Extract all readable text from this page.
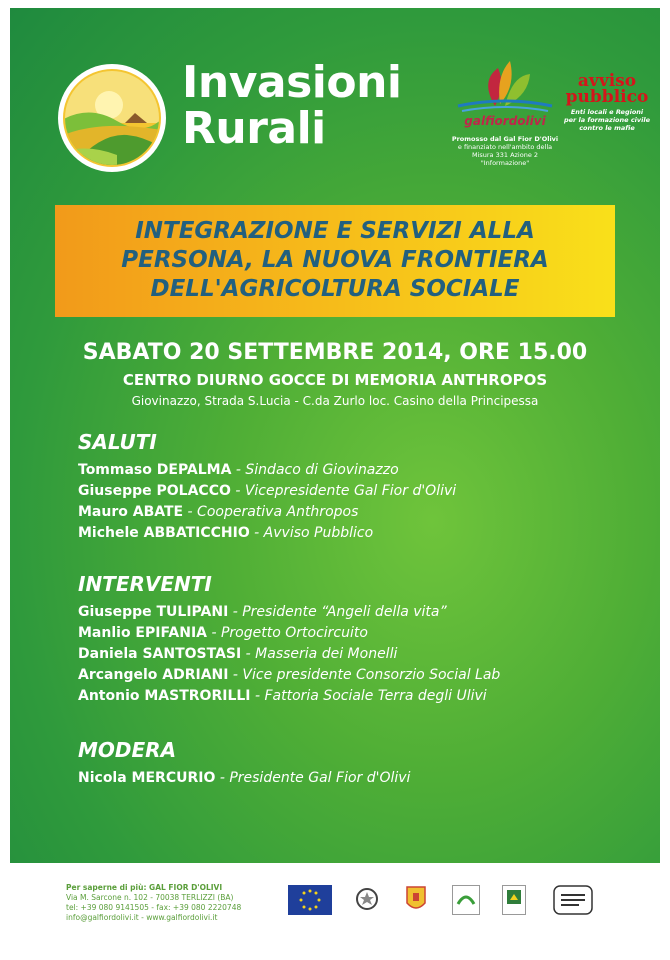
Invasioni
Rurali	galfiordolivi
Promosso dal Gal Fior D'Olivi
e finanziato nell'ambito della
Misura 331 Azione 2 "Informazione"
avviso
pubblico
Enti locali e Regioni
per la formazione civile
contro le mafie
INTEGRAZIONE E SERVIZI ALLA
PERSONA, LA NUOVA FRONTIERA
DELL'AGRICOLTURA SOCIALE
SABATO 20 SETTEMBRE 2014, ORE 15.00
CENTRO DIURNO GOCCE DI MEMORIA ANTHROPOS
Giovinazzo, Strada S.Lucia - C.da Zurlo loc. Casino della Principessa
SALUTI
Tommaso DEPALMA - Sindaco di Giovinazzo
Giuseppe POLACCO - Vicepresidente Gal Fior d'Olivi
Mauro ABATE - Cooperativa Anthropos
Michele ABBATICCHIO - Avviso Pubblico
INTERVENTI
Giuseppe TULIPANI - Presidente “Angeli della vita”
Manlio EPIFANIA - Progetto Ortocircuito
Daniela SANTOSTASI - Masseria dei Monelli
Arcangelo ADRIANI - Vice presidente Consorzio Social Lab
Antonio MASTRORILLI - Fattoria Sociale Terra degli Ulivi
MODERA
Nicola MERCURIO - Presidente Gal Fior d'Olivi
Per saperne di più: GAL FIOR D'OLIVI
Via M. Sarcone n. 102 - 70038 TERLIZZI (BA)
tel: +39 080 9141505 - fax: +39 080 2220748
info@galfiordolivi.it - www.galfiordolivi.it
